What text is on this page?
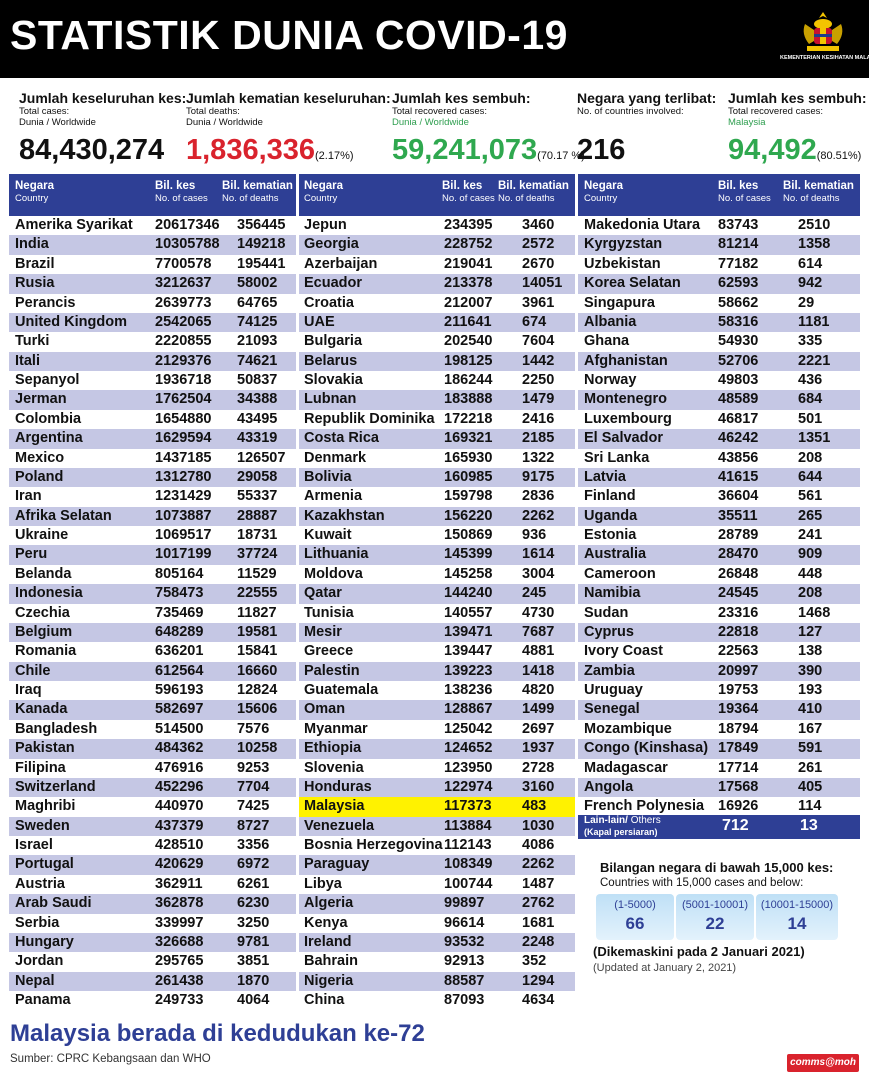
STATISTIK DUNIA COVID-19	KEMENTERIAN KESIHATAN MALAYSIA
Jumlah keseluruhan kes:
Total cases:
Dunia / Worldwide
84,430,274
Jumlah kematian keseluruhan:
Total deaths:
Dunia / Worldwide
1,836,336(2.17%)
Jumlah kes sembuh:
Total recovered cases:
Dunia / Worldwide
59,241,073(70.17 %)
Negara yang terlibat:
No. of countries involved:

216
Jumlah kes sembuh:
Total recovered cases:
Malaysia
94,492(80.51%)
Negara
Country
Bil. kes
No. of cases
Bil. kematian
No. of deaths
Amerika Syarikat 20617346 356445
India	10305788 149218
Brazil	7700578 195441
Rusia	3212637 58002
Perancis	2639773 64765
United Kingdom 2542065 74125
Turki	2220855 21093
Itali	2129376 74621
Sepanyol	1936718 50837
Jerman	1762504 34388
Colombia	1654880 43495
Argentina	1629594 43319
Mexico	1437185 126507
Poland	1312780 29058
Iran	1231429 55337
Afrika Selatan	1073887 28887
Ukraine	1069517 18731
Peru	1017199 37724
Belanda	805164 11529
Indonesia	758473 22555
Czechia	735469 11827
Belgium	648289 19581
Romania	636201 15841
Chile	612564 16660
Iraq	596193 12824
Kanada	582697 15606
Bangladesh	514500 7576
Pakistan	484362 10258
Filipina	476916 9253
Switzerland	452296 7704
Maghribi	440970 7425
Sweden	437379 8727
Israel	428510 3356
Portugal	420629 6972
Austria	362911 6261
Arab Saudi	362878 6230
Serbia	339997 3250
Hungary	326688 9781
Jordan	295765 3851
Nepal	261438 1870
Panama	249733 4064
Negara
Country
Bil. kes
No. of cases
Bil. kematian
No. of deaths
Jepun	234395 3460
Georgia	228752 2572
Azerbaijan	219041 2670
Ecuador	213378 14051
Croatia	212007 3961
UAE	211641 674
Bulgaria	202540 7604
Belarus	198125 1442
Slovakia	186244 2250
Lubnan	183888 1479
Republik Dominika 172218 2416
Costa Rica	169321 2185
Denmark	165930 1322
Bolivia	160985 9175
Armenia	159798 2836
Kazakhstan	156220 2262
Kuwait	150869 936
Lithuania	145399 1614
Moldova	145258 3004
Qatar	144240 245
Tunisia	140557 4730
Mesir	139471 7687
Greece	139447 4881
Palestin	139223 1418
Guatemala	138236 4820
Oman	128867 1499
Myanmar	125042 2697
Ethiopia	124652 1937
Slovenia	123950 2728
Honduras	122974 3160
Malaysia	117373 483
Venezuela	113884 1030
Bosnia Herzegovina 112143 4086
Paraguay	108349 2262
Libya	100744 1487
Algeria	99897	2762
Kenya	96614	1681
Ireland	93532	2248
Bahrain	92913	352
Nigeria	88587	1294
China	87093	4634
Negara
Country
Bil. kes
No. of cases
Bil. kematian
No. of deaths
Makedonia Utara 83743	2510
Kyrgyzstan	81214	1358
Uzbekistan	77182	614
Korea Selatan	62593	942
Singapura	58662	29
Albania	58316	1181
Ghana	54930	335
Afghanistan	52706	2221
Norway	49803	436
Montenegro	48589	684
Luxembourg	46817	501
El Salvador	46242	1351
Sri Lanka	43856	208
Latvia	41615	644
Finland	36604	561
Uganda	35511	265
Estonia	28789	241
Australia	28470	909
Cameroon	26848	448
Namibia	24545	208
Sudan	23316	1468
Cyprus	22818	127
Ivory Coast	22563	138
Zambia	20997	390
Uruguay	19753	193
Senegal	19364	410
Mozambique	18794	167
Congo (Kinshasa) 17849	591
Madagascar	17714	261
Angola	17568	405
French Polynesia 16926	114
Lain-lain/ Others
(Kapal persiaran)	712	13
Bilangan negara di bawah 15,000 kes:
Countries with 15,000 cases and below:
(1-5000)
66
(5001-10001)
22
(10001-15000)
14
(Dikemaskini pada 2 Januari 2021)
(Updated at January 2, 2021)
Malaysia berada di kedudukan ke-72
Sumber: CPRC Kebangsaan dan WHO	comms@moh
